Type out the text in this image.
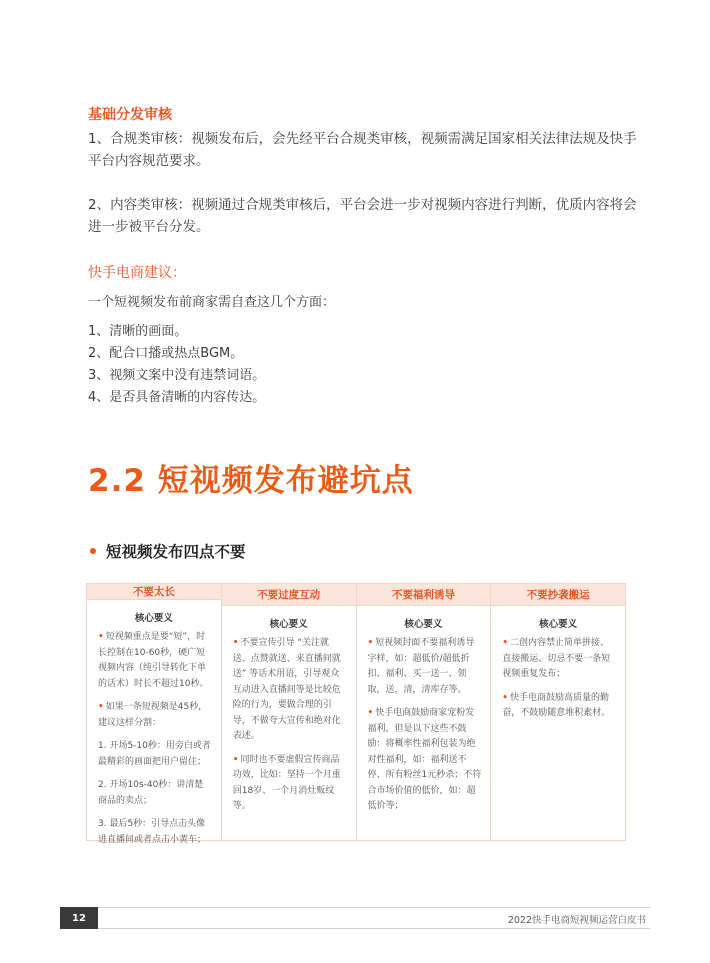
基础分发审核
1、合规类审核：视频发布后，会先经平台合规类审核，视频需满足国家相关法律法规及快手平台内容规范要求。
2、内容类审核：视频通过合规类审核后，平台会进一步对视频内容进行判断，优质内容将会进一步被平台分发。
快手电商建议：
一个短视频发布前商家需自查这几个方面：
1、清晰的画面。
2、配合口播或热点BGM。
3、视频文案中没有违禁词语。
4、是否具备清晰的内容传达。
2.2 短视频发布避坑点
短视频发布四点不要
不要太长
核心要义
• 短视频重点是要“短”，时长控制在10-60秒，硬广短视频内容（纯引导转化下单的话术）时长不超过10秒。
• 如果一条短视频是45秒，建议这样分割：
1. 开场5-10秒：用旁白或者最精彩的画面把用户留住；
2. 开场10s-40秒：讲清楚商品的卖点；
3. 最后5秒：引导点击头像进直播间或者点击小黄车；
不要过度互动
核心要义
• 不要宣传引导 “关注就送、点赞就送、来直播间就送” 等话术用语，引导观众互动进入直播间等是比较危险的行为，要做合理的引导，不做夸大宣传和绝对化表述。
• 同时也不要虚假宣传商品功效，比如：坚持一个月重回18岁、一个月消灶贩纹等。
不要福利诱导
核心要义
• 短视频封面不要福利诱导字样，如：超低价/超低折扣、福利、买一送一、领取，送，清，清库存等。
• 快手电商鼓励商家宠粉发福利，但是以下这些不鼓励：将概率性福利包装为绝对性福利，如：福利送不停、所有粉丝1元秒杀；不符合市场价值的低价，如：超低价等；
不要抄袭搬运
核心要义
• 二创内容禁止简单拼接、直接搬运、切忌不要一条短视频重复发布；
• 快手电商鼓励高质量的勤奋，不鼓励随意堆积素材。
12	2022快手电商短视频运营白皮书
